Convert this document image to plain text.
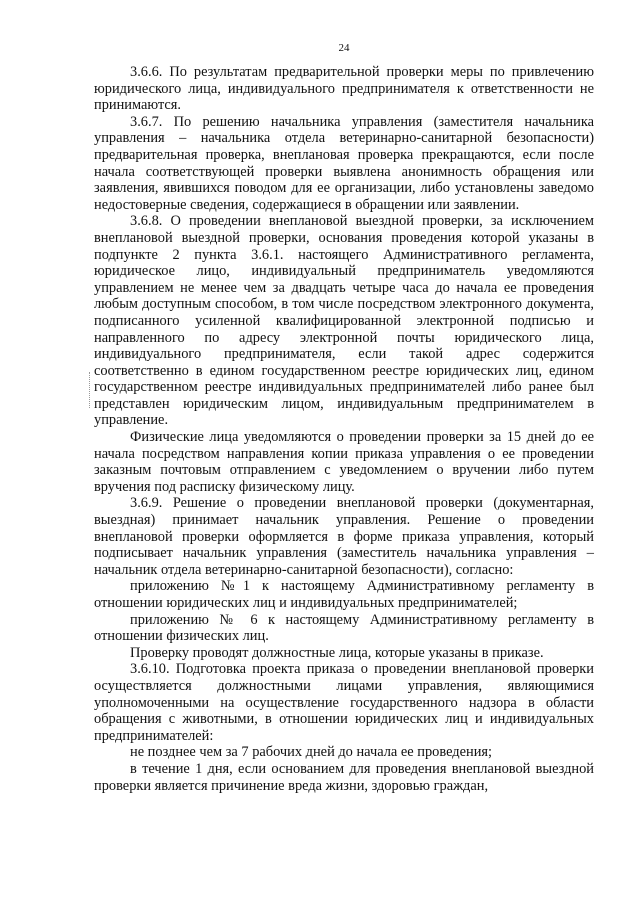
24

3.6.6. По результатам предварительной проверки меры по привлечению юридического лица, индивидуального предпринимателя к ответственности не принимаются.

3.6.7. По решению начальника управления (заместителя начальника управления – начальника отдела ветеринарно-санитарной безопасности) предварительная проверка, внеплановая проверка прекращаются, если после начала соответствующей проверки выявлена анонимность обращения или заявления, явившихся поводом для ее организации, либо установлены заведомо недостоверные сведения, содержащиеся в обращении или заявлении.

3.6.8. О проведении внеплановой выездной проверки, за исключением внеплановой выездной проверки, основания проведения которой указаны в подпункте 2 пункта 3.6.1. настоящего Административного регламента, юридическое лицо, индивидуальный предприниматель уведомляются управлением не менее чем за двадцать четыре часа до начала ее проведения любым доступным способом, в том числе посредством электронного документа, подписанного усиленной квалифицированной электронной подписью и направленного по адресу электронной почты юридического лица, индивидуального предпринимателя, если такой адрес содержится соответственно в едином государственном реестре юридических лиц, едином государственном реестре индивидуальных предпринимателей либо ранее был представлен юридическим лицом, индивидуальным предпринимателем в управление.

Физические лица уведомляются о проведении проверки за 15 дней до ее начала посредством направления копии приказа управления о ее проведении заказным почтовым отправлением с уведомлением о вручении либо путем вручения под расписку физическому лицу.

3.6.9. Решение о проведении внеплановой проверки (документарная, выездная) принимает начальник управления. Решение о проведении внеплановой проверки оформляется в форме приказа управления, который подписывает начальник управления (заместитель начальника управления – начальник отдела ветеринарно-санитарной безопасности), согласно:

приложению №1 к настоящему Административному регламенту в отношении юридических лиц и индивидуальных предпринимателей;

приложению № 6 к настоящему Административному регламенту в отношении физических лиц.

Проверку проводят должностные лица, которые указаны в приказе.

3.6.10. Подготовка проекта приказа о проведении внеплановой проверки осуществляется должностными лицами управления, являющимися уполномоченными на осуществление государственного надзора в области обращения с животными, в отношении юридических лиц и индивидуальных предпринимателей:

не позднее чем за 7 рабочих дней до начала ее проведения;

в течение 1 дня, если основанием для проведения внеплановой выездной проверки является причинение вреда жизни, здоровью граждан,
